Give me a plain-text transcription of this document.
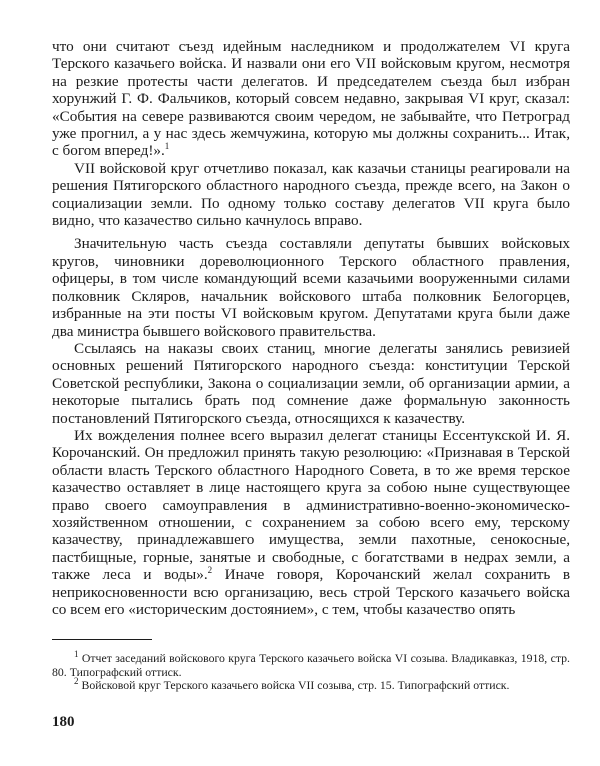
что они считают съезд идейным наследником и продолжателем VI круга Терского казачьего войска. И назвали они его VII войсковым кругом, несмотря на резкие протесты части делегатов. И председателем съезда был избран хорунжий Г. Ф. Фальчиков, который совсем недавно, закрывая VI круг, сказал: «События на севере развиваются своим чередом, не забывайте, что Петроград уже прогнил, а у нас здесь жемчужина, которую мы должны сохранить... Итак, с богом вперед!».$^1$

VII войсковой круг отчетливо показал, как казачьи станицы реагировали на решения Пятигорского областного народного съезда, прежде всего, на Закон о социализации земли. По одному только составу делегатов VII круга было видно, что казачество сильно качнулось вправо.

Значительную часть съезда составляли депутаты бывших войсковых кругов, чиновники дореволюционного Терского областного правления, офицеры, в том числе командующий всеми казачьими вооруженными силами полковник Скляров, начальник войскового штаба полковник Белогорцев, избранные на эти посты VI войсковым кругом. Депутатами круга были даже два министра бывшего войскового правительства.

Ссылаясь на наказы своих станиц, многие делегаты занялись ревизией основных решений Пятигорского народного съезда: конституции Терской Советской республики, Закона о социализации земли, об организации армии, а некоторые пытались брать под сомнение даже формальную законность постановлений Пятигорского съезда, относящихся к казачеству.

Их вожделения полнее всего выразил делегат станицы Ессентукской И. Я. Корочанский. Он предложил принять такую резолюцию: «Признавая в Терской области власть Терского областного Народного Совета, в то же время терское казачество оставляет в лице настоящего круга за собою ныне существующее право своего самоуправления в административно-военно-экономическо-хозяйственном отношении, с сохранением за собою всего ему, терскому казачеству, принадлежавшего имущества, земли пахотные, сенокосные, пастбищные, горные, занятые и свободные, с богатствами в недрах земли, а также леса и воды».$^2$ Иначе говоря, Корочанский желал сохранить в неприкосновенности всю организацию, весь строй Терского казачьего войска со всем его «историческим достоянием», с тем, чтобы казачество опять

$^1$ Отчет заседаний войскового круга Терского казачьего войска VI созыва. Владикавказ, 1918, стр. 80. Типографский оттиск.

$^2$ Войсковой круг Терского казачьего войска VII созыва, стр. 15. Типографский оттиск.

180
